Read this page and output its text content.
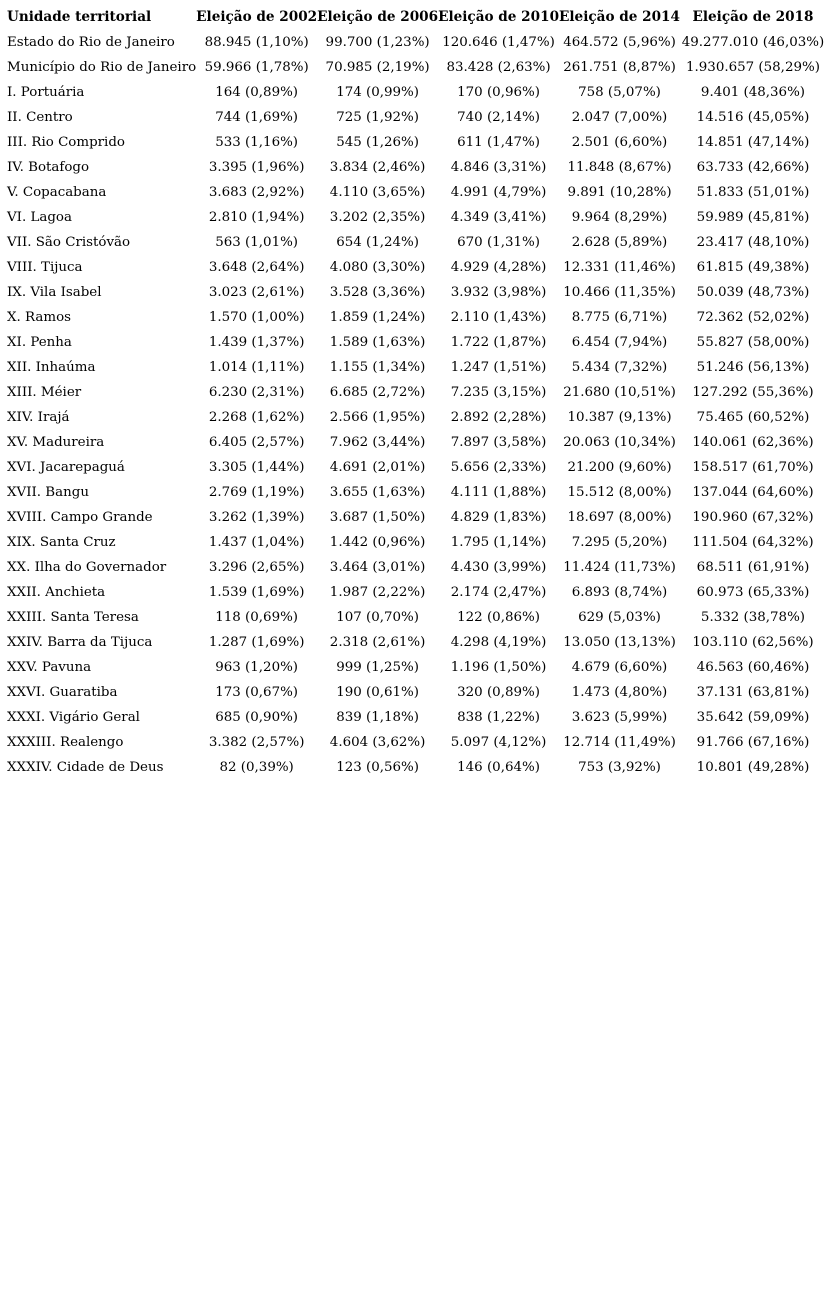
Unidade territorial	Eleição de 2002	Eleição de 2006	Eleição de 2010	Eleição de 2014	Eleição de 2018
Estado do Rio de Janeiro	88.945 (1,10%)	99.700 (1,23%)	120.646 (1,47%)	464.572 (5,96%)	49.277.010 (46,03%)
Município do Rio de Janeiro	59.966 (1,78%)	70.985 (2,19%)	83.428 (2,63%)	261.751 (8,87%)	1.930.657 (58,29%)
I. Portuária	164 (0,89%)	174 (0,99%)	170 (0,96%)	758 (5,07%)	9.401 (48,36%)
II. Centro	744 (1,69%)	725 (1,92%)	740 (2,14%)	2.047 (7,00%)	14.516 (45,05%)
III. Rio Comprido	533 (1,16%)	545 (1,26%)	611 (1,47%)	2.501 (6,60%)	14.851 (47,14%)
IV. Botafogo	3.395 (1,96%)	3.834 (2,46%)	4.846 (3,31%)	11.848 (8,67%)	63.733 (42,66%)
V. Copacabana	3.683 (2,92%)	4.110 (3,65%)	4.991 (4,79%)	9.891 (10,28%)	51.833 (51,01%)
VI. Lagoa	2.810 (1,94%)	3.202 (2,35%)	4.349 (3,41%)	9.964 (8,29%)	59.989 (45,81%)
VII. São Cristóvão	563 (1,01%)	654 (1,24%)	670 (1,31%)	2.628 (5,89%)	23.417 (48,10%)
VIII. Tijuca	3.648 (2,64%)	4.080 (3,30%)	4.929 (4,28%)	12.331 (11,46%)	61.815 (49,38%)
IX. Vila Isabel	3.023 (2,61%)	3.528 (3,36%)	3.932 (3,98%)	10.466 (11,35%)	50.039 (48,73%)
X. Ramos	1.570 (1,00%)	1.859 (1,24%)	2.110 (1,43%)	8.775 (6,71%)	72.362 (52,02%)
XI. Penha	1.439 (1,37%)	1.589 (1,63%)	1.722 (1,87%)	6.454 (7,94%)	55.827 (58,00%)
XII. Inhaúma	1.014 (1,11%)	1.155 (1,34%)	1.247 (1,51%)	5.434 (7,32%)	51.246 (56,13%)
XIII. Méier	6.230 (2,31%)	6.685 (2,72%)	7.235 (3,15%)	21.680 (10,51%)	127.292 (55,36%)
XIV. Irajá	2.268 (1,62%)	2.566 (1,95%)	2.892 (2,28%)	10.387 (9,13%)	75.465 (60,52%)
XV. Madureira	6.405 (2,57%)	7.962 (3,44%)	7.897 (3,58%)	20.063 (10,34%)	140.061 (62,36%)
XVI. Jacarepaguá	3.305 (1,44%)	4.691 (2,01%)	5.656 (2,33%)	21.200 (9,60%)	158.517 (61,70%)
XVII. Bangu	2.769 (1,19%)	3.655 (1,63%)	4.111 (1,88%)	15.512 (8,00%)	137.044 (64,60%)
XVIII. Campo Grande	3.262 (1,39%)	3.687 (1,50%)	4.829 (1,83%)	18.697 (8,00%)	190.960 (67,32%)
XIX. Santa Cruz	1.437 (1,04%)	1.442 (0,96%)	1.795 (1,14%)	7.295 (5,20%)	111.504 (64,32%)
XX. Ilha do Governador	3.296 (2,65%)	3.464 (3,01%)	4.430 (3,99%)	11.424 (11,73%)	68.511 (61,91%)
XXII. Anchieta	1.539 (1,69%)	1.987 (2,22%)	2.174 (2,47%)	6.893 (8,74%)	60.973 (65,33%)
XXIII. Santa Teresa	118 (0,69%)	107 (0,70%)	122 (0,86%)	629 (5,03%)	5.332 (38,78%)
XXIV. Barra da Tijuca	1.287 (1,69%)	2.318 (2,61%)	4.298 (4,19%)	13.050 (13,13%)	103.110 (62,56%)
XXV. Pavuna	963 (1,20%)	999 (1,25%)	1.196 (1,50%)	4.679 (6,60%)	46.563 (60,46%)
XXVI. Guaratiba	173 (0,67%)	190 (0,61%)	320 (0,89%)	1.473 (4,80%)	37.131 (63,81%)
XXXI. Vigário Geral	685 (0,90%)	839 (1,18%)	838 (1,22%)	3.623 (5,99%)	35.642 (59,09%)
XXXIII. Realengo	3.382 (2,57%)	4.604 (3,62%)	5.097 (4,12%)	12.714 (11,49%)	91.766 (67,16%)
XXXIV. Cidade de Deus	82 (0,39%)	123 (0,56%)	146 (0,64%)	753 (3,92%)	10.801 (49,28%)
